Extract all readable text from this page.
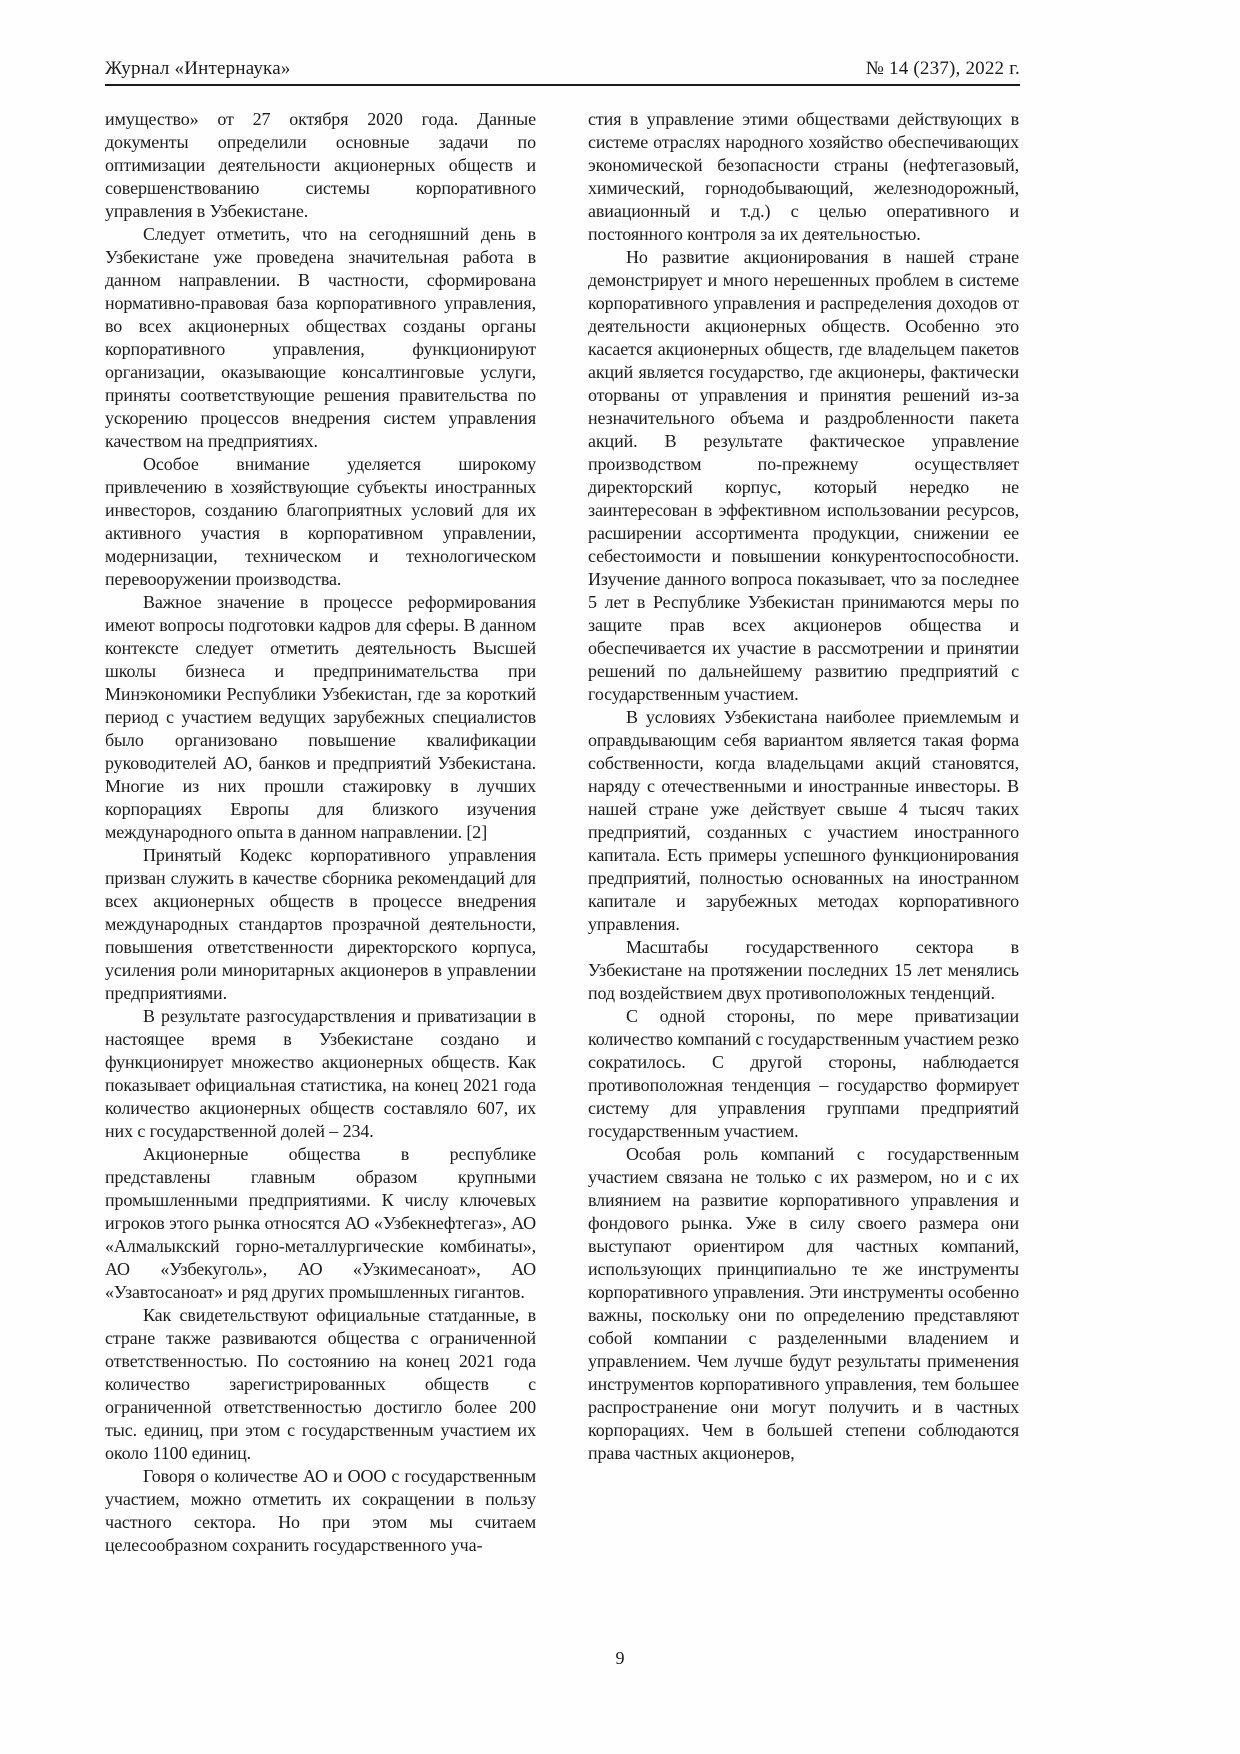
Журнал «Интернаука»	№ 14 (237), 2022 г.

имущество» от 27 октября 2020 года. Данные документы определили основные задачи по оптимизации деятельности акционерных обществ и совершенствованию системы корпоративного управления в Узбекистане.

Следует отметить, что на сегодняшний день в Узбекистане уже проведена значительная работа в данном направлении. В частности, сформирована нормативно-правовая база корпоративного управления, во всех акционерных обществах созданы органы корпоративного управления, функционируют организации, оказывающие консалтинговые услуги, приняты соответствующие решения правительства по ускорению процессов внедрения систем управления качеством на предприятиях.

Особое внимание уделяется широкому привлечению в хозяйствующие субъекты иностранных инвесторов, созданию благоприятных условий для их активного участия в корпоративном управлении, модернизации, техническом и технологическом перевооружении производства.

Важное значение в процессе реформирования имеют вопросы подготовки кадров для сферы. В данном контексте следует отметить деятельность Высшей школы бизнеса и предпринимательства при Минэкономики Республики Узбекистан, где за короткий период с участием ведущих зарубежных специалистов было организовано повышение квалификации руководителей АО, банков и предприятий Узбекистана. Многие из них прошли стажировку в лучших корпорациях Европы для близкого изучения международного опыта в данном направлении. [2]

Принятый Кодекс корпоративного управления призван служить в качестве сборника рекомендаций для всех акционерных обществ в процессе внедрения международных стандартов прозрачной деятельности, повышения ответственности директорского корпуса, усиления роли миноритарных акционеров в управлении предприятиями.

В результате разгосударствления и приватизации в настоящее время в Узбекистане создано и функционирует множество акционерных обществ. Как показывает официальная статистика, на конец 2021 года количество акционерных обществ составляло 607, их них с государственной долей – 234.

Акционерные общества в республике представлены главным образом крупными промышленными предприятиями. К числу ключевых игроков этого рынка относятся АО «Узбекнефтегаз», АО «Алмалыкский горно-металлургические комбинаты», АО «Узбекуголь», АО «Узкимесаноат», АО «Узавтосаноат» и ряд других промышленных гигантов.

Как свидетельствуют официальные статданные, в стране также развиваются общества с ограниченной ответственностью. По состоянию на конец 2021 года количество зарегистрированных обществ с ограниченной ответственностью достигло более 200 тыс. единиц, при этом с государственным участием их около 1100 единиц.

Говоря о количестве АО и ООО с государственным участием, можно отметить их сокращении в пользу частного сектора. Но при этом мы считаем целесообразном сохранить государственного уча-

стия в управление этими обществами действующих в системе отраслях народного хозяйство обеспечивающих экономической безопасности страны (нефтегазовый, химический, горнодобывающий, железнодорожный, авиационный и т.д.) с целью оперативного и постоянного контроля за их деятельностью.

Но развитие акционирования в нашей стране демонстрирует и много нерешенных проблем в системе корпоративного управления и распределения доходов от деятельности акционерных обществ. Особенно это касается акционерных обществ, где владельцем пакетов акций является государство, где акционеры, фактически оторваны от управления и принятия решений из-за незначительного объема и раздробленности пакета акций. В результате фактическое управление производством по-прежнему осуществляет директорский корпус, который нередко не заинтересован в эффективном использовании ресурсов, расширении ассортимента продукции, снижении ее себестоимости и повышении конкурентоспособности. Изучение данного вопроса показывает, что за последнее 5 лет в Республике Узбекистан принимаются меры по защите прав всех акционеров общества и обеспечивается их участие в рассмотрении и принятии решений по дальнейшему развитию предприятий с государственным участием.

В условиях Узбекистана наиболее приемлемым и оправдывающим себя вариантом является такая форма собственности, когда владельцами акций становятся, наряду с отечественными и иностранные инвесторы. В нашей стране уже действует свыше 4 тысяч таких предприятий, созданных с участием иностранного капитала. Есть примеры успешного функционирования предприятий, полностью основанных на иностранном капитале и зарубежных методах корпоративного управления.

Масштабы государственного сектора в Узбекистане на протяжении последних 15 лет менялись под воздействием двух противоположных тенденций.

С одной стороны, по мере приватизации количество компаний с государственным участием резко сократилось. С другой стороны, наблюдается противоположная тенденция – государство формирует систему для управления группами предприятий государственным участием.

Особая роль компаний с государственным участием связана не только с их размером, но и с их влиянием на развитие корпоративного управления и фондового рынка. Уже в силу своего размера они выступают ориентиром для частных компаний, использующих принципиально те же инструменты корпоративного управления. Эти инструменты особенно важны, поскольку они по определению представляют собой компании с разделенными владением и управлением. Чем лучше будут результаты применения инструментов корпоративного управления, тем большее распространение они могут получить и в частных корпорациях. Чем в большей степени соблюдаются права частных акционеров,

9
